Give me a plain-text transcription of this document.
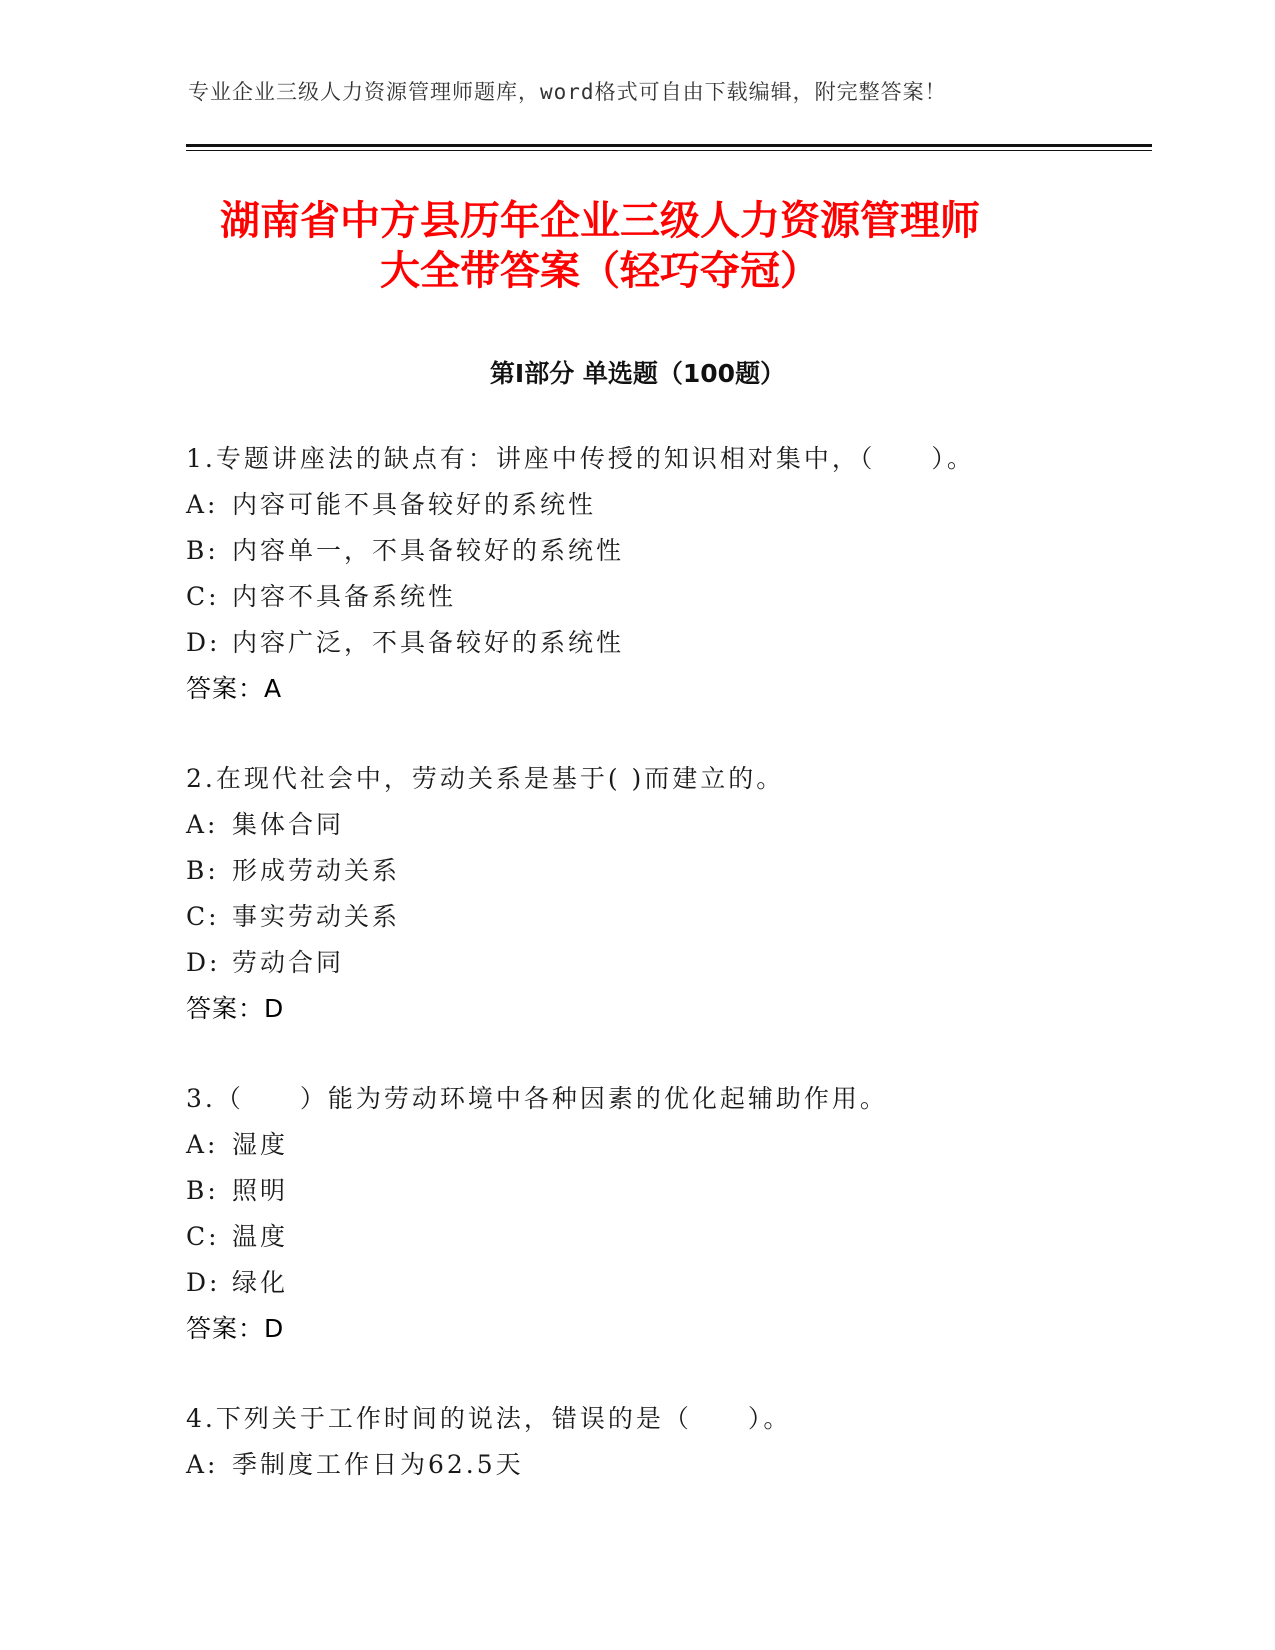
专业企业三级人力资源管理师题库，word格式可自由下载编辑，附完整答案！
湖南省中方县历年企业三级人力资源管理师
大全带答案（轻巧夺冠）
第Ⅰ部分 单选题（100题）
1.专题讲座法的缺点有：讲座中传授的知识相对集中，（　　）。
A: 内容可能不具备较好的系统性
B: 内容单一，不具备较好的系统性
C: 内容不具备系统性
D: 内容广泛，不具备较好的系统性
答案：A
2.在现代社会中，劳动关系是基于( )而建立的。
A: 集体合同
B: 形成劳动关系
C: 事实劳动关系
D: 劳动合同
答案：D
3.（　　）能为劳动环境中各种因素的优化起辅助作用。
A: 湿度
B: 照明
C: 温度
D: 绿化
答案：D
4.下列关于工作时间的说法，错误的是（　　）。
A: 季制度工作日为62.5天
